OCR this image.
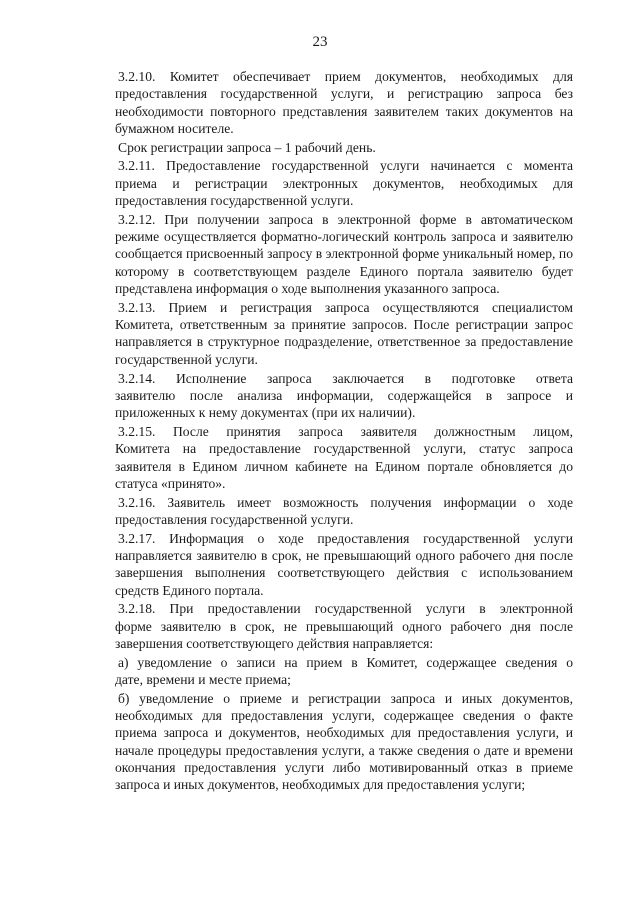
23

3.2.10. Комитет обеспечивает прием документов, необходимых для
предоставления государственной услуги, и регистрацию запроса без необходимости повторного представления заявителем таких документов на бумажном носителе.

Срок регистрации запроса – 1 рабочий день.

3.2.11. Предоставление государственной услуги начинается с момента
приема и регистрации электронных документов, необходимых для предоставления государственной услуги.

3.2.12. При получении запроса в электронной форме в автоматическом
режиме осуществляется форматно-логический контроль запроса и заявителю сообщается присвоенный запросу в электронной форме уникальный номер, по которому в соответствующем разделе Единого портала заявителю будет представлена информация о ходе выполнения указанного запроса.

3.2.13. Прием и регистрация запроса осуществляются специалистом
Комитета, ответственным за принятие запросов. После регистрации запрос направляется в структурное подразделение, ответственное за предоставление государственной услуги.

3.2.14. Исполнение запроса заключается в подготовке ответа
заявителю после анализа информации, содержащейся в запросе и приложенных к нему документах (при их наличии).

3.2.15. После принятия запроса заявителя должностным лицом,
Комитета на предоставление государственной услуги, статус запроса заявителя в Едином личном кабинете на Едином портале обновляется до статуса «принято».

3.2.16. Заявитель имеет возможность получения информации о ходе
предоставления государственной услуги.

3.2.17. Информация о ходе предоставления государственной услуги
направляется заявителю в срок, не превышающий одного рабочего дня после завершения выполнения соответствующего действия с использованием средств Единого портала.

3.2.18. При предоставлении государственной услуги в электронной
форме заявителю в срок, не превышающий одного рабочего дня после завершения соответствующего действия направляется:

а) уведомление о записи на прием в Комитет, содержащее сведения о
дате, времени и месте приема;

б) уведомление о приеме и регистрации запроса и иных документов,
необходимых для предоставления услуги, содержащее сведения о факте приема запроса и документов, необходимых для предоставления услуги, и начале процедуры предоставления услуги, а также сведения о дате и времени окончания предоставления услуги либо мотивированный отказ в приеме запроса и иных документов, необходимых для предоставления услуги;
